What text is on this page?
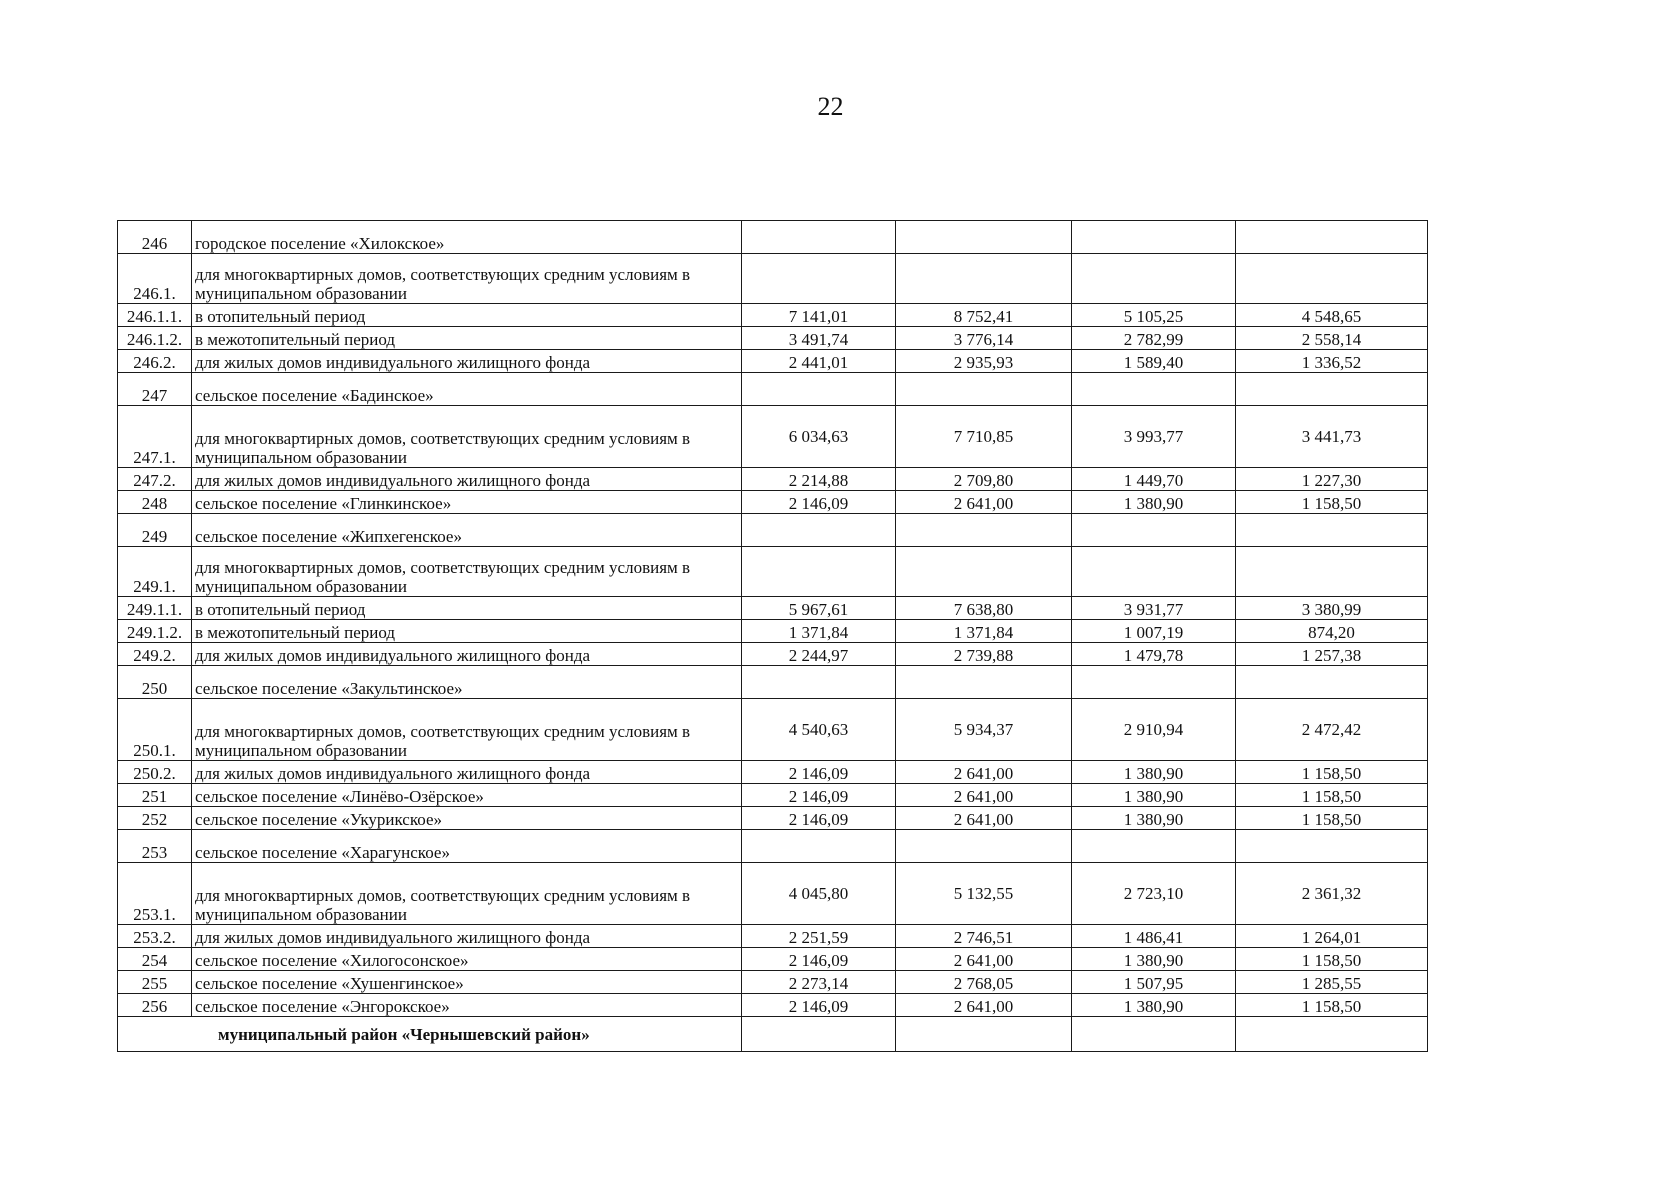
22
246	городское поселение «Хилокское»				
246.1.	для многоквартирных домов, соответствующих средним условиям в муниципальном образовании				
246.1.1.	в отопительный период	7 141,01	8 752,41	5 105,25	4 548,65
246.1.2.	в межотопительный период	3 491,74	3 776,14	2 782,99	2 558,14
246.2.	для жилых домов индивидуального жилищного фонда	2 441,01	2 935,93	1 589,40	1 336,52
247	сельское поселение «Бадинское»				
247.1.	для многоквартирных домов, соответствующих средним условиям в муниципальном образовании	6 034,63	7 710,85	3 993,77	3 441,73
247.2.	для жилых домов индивидуального жилищного фонда	2 214,88	2 709,80	1 449,70	1 227,30
248	сельское поселение «Глинкинское»	2 146,09	2 641,00	1 380,90	1 158,50
249	сельское поселение «Жипхегенское»				
249.1.	для многоквартирных домов, соответствующих средним условиям в муниципальном образовании				
249.1.1.	в отопительный период	5 967,61	7 638,80	3 931,77	3 380,99
249.1.2.	в межотопительный период	1 371,84	1 371,84	1 007,19	874,20
249.2.	для жилых домов индивидуального жилищного фонда	2 244,97	2 739,88	1 479,78	1 257,38
250	сельское поселение «Закультинское»				
250.1.	для многоквартирных домов, соответствующих средним условиям в муниципальном образовании	4 540,63	5 934,37	2 910,94	2 472,42
250.2.	для жилых домов индивидуального жилищного фонда	2 146,09	2 641,00	1 380,90	1 158,50
251	сельское поселение «Линёво-Озёрское»	2 146,09	2 641,00	1 380,90	1 158,50
252	сельское поселение «Укурикское»	2 146,09	2 641,00	1 380,90	1 158,50
253	сельское поселение «Харагунское»				
253.1.	для многоквартирных домов, соответствующих средним условиям в муниципальном образовании	4 045,80	5 132,55	2 723,10	2 361,32
253.2.	для жилых домов индивидуального жилищного фонда	2 251,59	2 746,51	1 486,41	1 264,01
254	сельское поселение «Хилогосонское»	2 146,09	2 641,00	1 380,90	1 158,50
255	сельское поселение «Хушенгинское»	2 273,14	2 768,05	1 507,95	1 285,55
256	сельское поселение «Энгорокское»	2 146,09	2 641,00	1 380,90	1 158,50
муниципальный район «Чернышевский район»					
